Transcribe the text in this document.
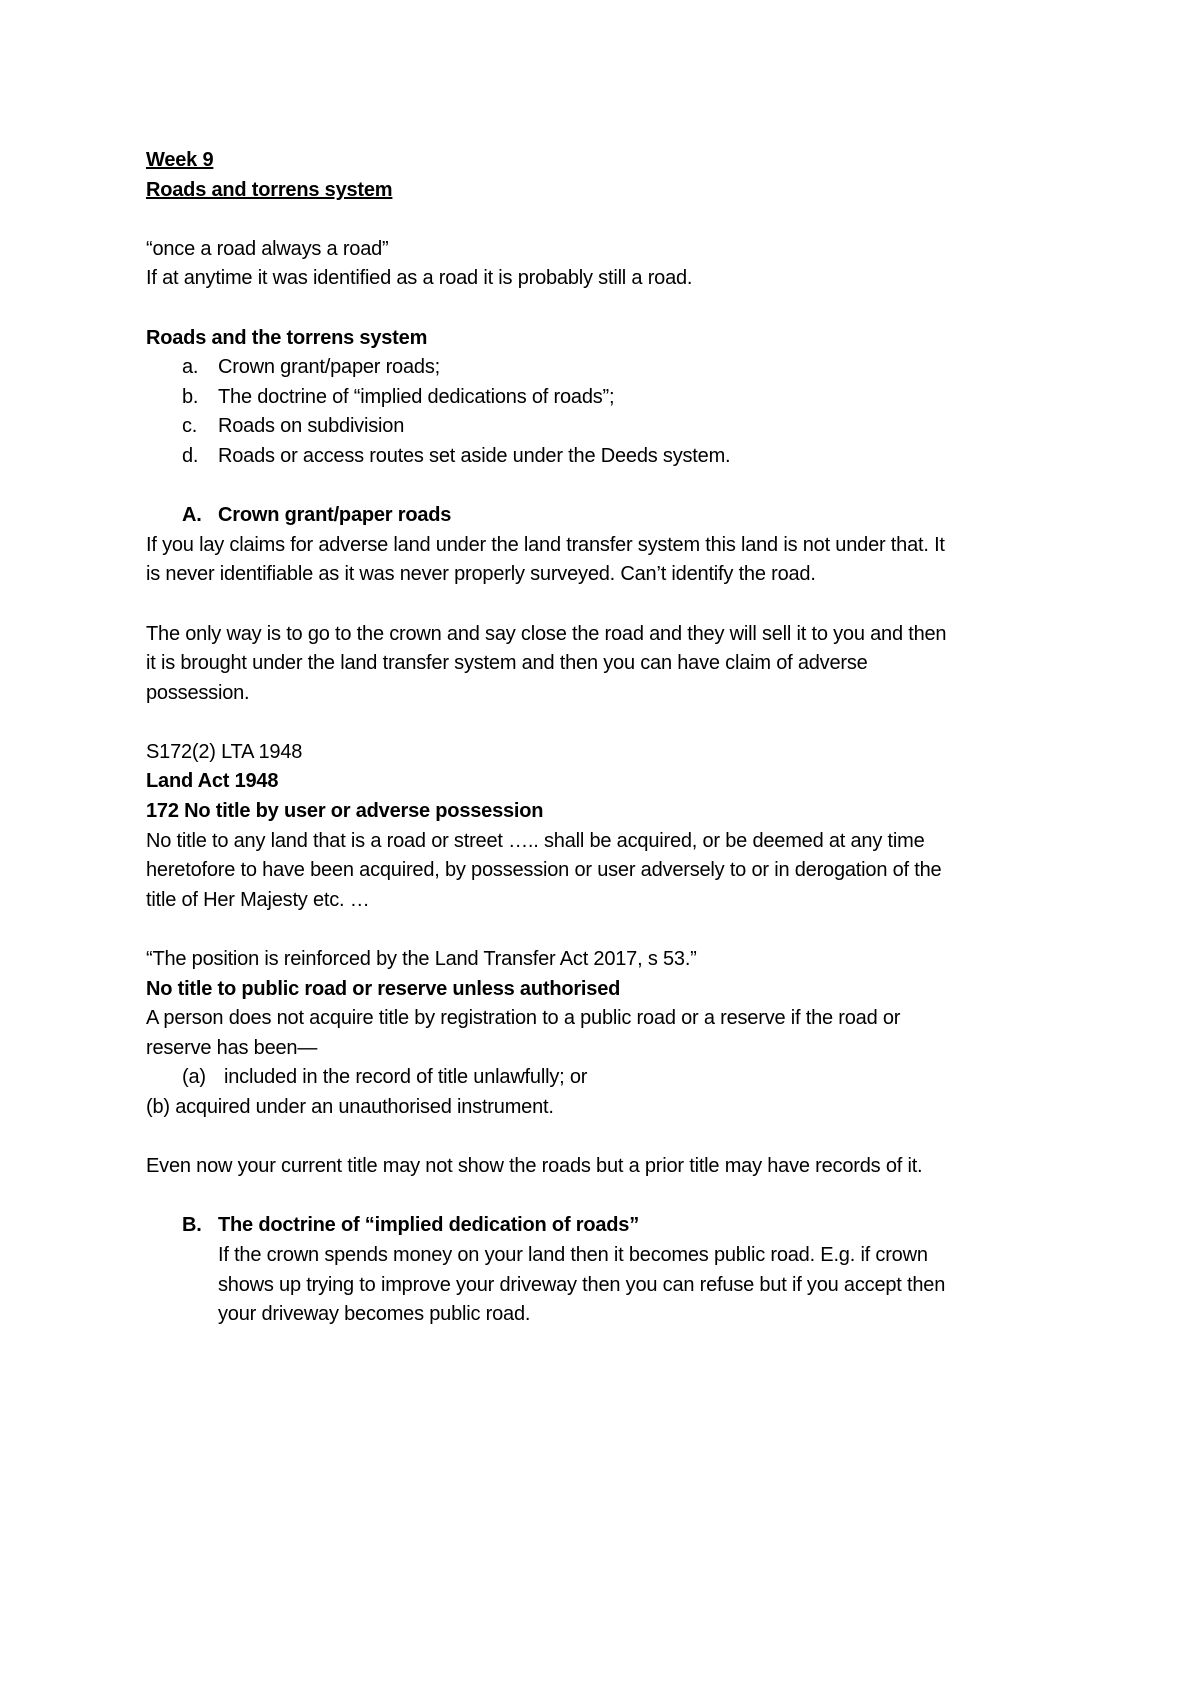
Week 9

Roads and torrens system

“once a road always a road”

If at anytime it was identified as a road it is probably still a road.

Roads and the torrens system

a. Crown grant/paper roads;
b. The doctrine of “implied dedications of roads”;
c.	Roads on subdivision
d. Roads or access routes set aside under the Deeds system.
A. Crown grant/paper roads

If you lay claims for adverse land under the land transfer system this land is not under that. It

is never identifiable as it was never properly surveyed. Can’t identify the road.

The only way is to go to the crown and say close the road and they will sell it to you and then

it is brought under the land transfer system and then you can have claim of adverse

possession.

S172(2) LTA 1948

Land Act 1948

172 No title by user or adverse possession

No title to any land that is a road or street ….. shall be acquired, or be deemed at any time

heretofore to have been acquired, by possession or user adversely to or in derogation of the

title of Her Majesty etc. …

“The position is reinforced by the Land Transfer Act 2017, s 53.”

No title to public road or reserve unless authorised

A person does not acquire title by registration to a public road or a reserve if the road or

reserve has been—

(a) included in the record of title unlawfully; or

(b) acquired under an unauthorised instrument.

Even now your current title may not show the roads but a prior title may have records of it.

B. The doctrine of “implied dedication of roads”

If the crown spends money on your land then it becomes public road. E.g. if crown

shows up trying to improve your driveway then you can refuse but if you accept then

your driveway becomes public road.
